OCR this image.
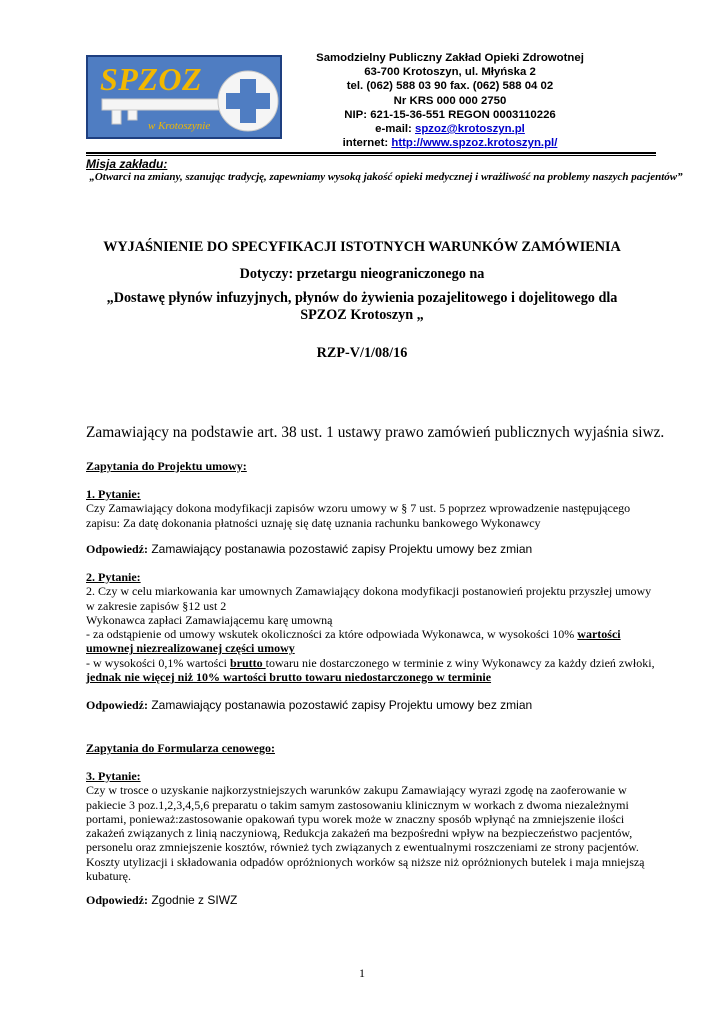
SPZOZ
w Krotoszynie
Samodzielny Publiczny Zakład Opieki Zdrowotnej
63-700 Krotoszyn, ul. Młyńska 2
tel. (062) 588 03 90 fax. (062) 588 04 02
Nr KRS 000 000 2750
NIP: 621-15-36-551 REGON 0003110226
e-mail: spzoz@krotoszyn.pl
internet: http://www.spzoz.krotoszyn.pl/
Misja zakładu:
„Otwarci na zmiany, szanując tradycję, zapewniamy wysoką jakość opieki medycznej i wrażliwość na problemy naszych pacjentów”
WYJAŚNIENIE DO SPECYFIKACJI ISTOTNYCH WARUNKÓW ZAMÓWIENIA
Dotyczy: przetargu nieograniczonego na
„Dostawę płynów infuzyjnych, płynów do żywienia pozajelitowego i dojelitowego dla SPZOZ Krotoszyn „
RZP-V/1/08/16
Zamawiający na podstawie art. 38 ust. 1 ustawy prawo zamówień publicznych wyjaśnia siwz.
Zapytania do Projektu umowy:
1. Pytanie:
Czy Zamawiający dokona modyfikacji zapisów wzoru umowy w § 7 ust. 5 poprzez wprowadzenie następującego zapisu: Za datę dokonania płatności uznaję się datę uznania rachunku bankowego Wykonawcy
Odpowiedź: Zamawiający postanawia pozostawić zapisy Projektu umowy bez zmian
2. Pytanie:
2. Czy w celu miarkowania kar umownych Zamawiający dokona modyfikacji postanowień projektu przyszłej umowy w zakresie zapisów §12 ust 2
Wykonawca zapłaci Zamawiającemu karę umowną
- za odstąpienie od umowy wskutek okoliczności za które odpowiada Wykonawca, w wysokości 10% wartości umownej niezrealizowanej części umowy
- w wysokości 0,1% wartości brutto towaru nie dostarczonego w terminie z winy Wykonawcy za każdy dzień zwłoki, jednak nie więcej niż 10% wartości brutto towaru niedostarczonego w terminie
Odpowiedź: Zamawiający postanawia pozostawić zapisy Projektu umowy bez zmian
Zapytania do Formularza cenowego:
3. Pytanie:
Czy w trosce o uzyskanie najkorzystniejszych warunków zakupu Zamawiający wyrazi zgodę na zaoferowanie w pakiecie 3 poz.1,2,3,4,5,6 preparatu o takim samym zastosowaniu klinicznym w workach z dwoma niezależnymi portami, ponieważ:zastosowanie opakowań typu worek może w znaczny sposób wpłynąć na zmniejszenie ilości zakażeń związanych z linią naczyniową, Redukcja zakażeń ma bezpośredni wpływ na bezpieczeństwo pacjentów, personelu oraz zmniejszenie kosztów, również tych związanych z ewentualnymi roszczeniami ze strony pacjentów. Koszty utylizacji i składowania odpadów opróżnionych worków są niższe niż opróżnionych butelek i maja mniejszą kubaturę.
Odpowiedź: Zgodnie z SIWZ
1
